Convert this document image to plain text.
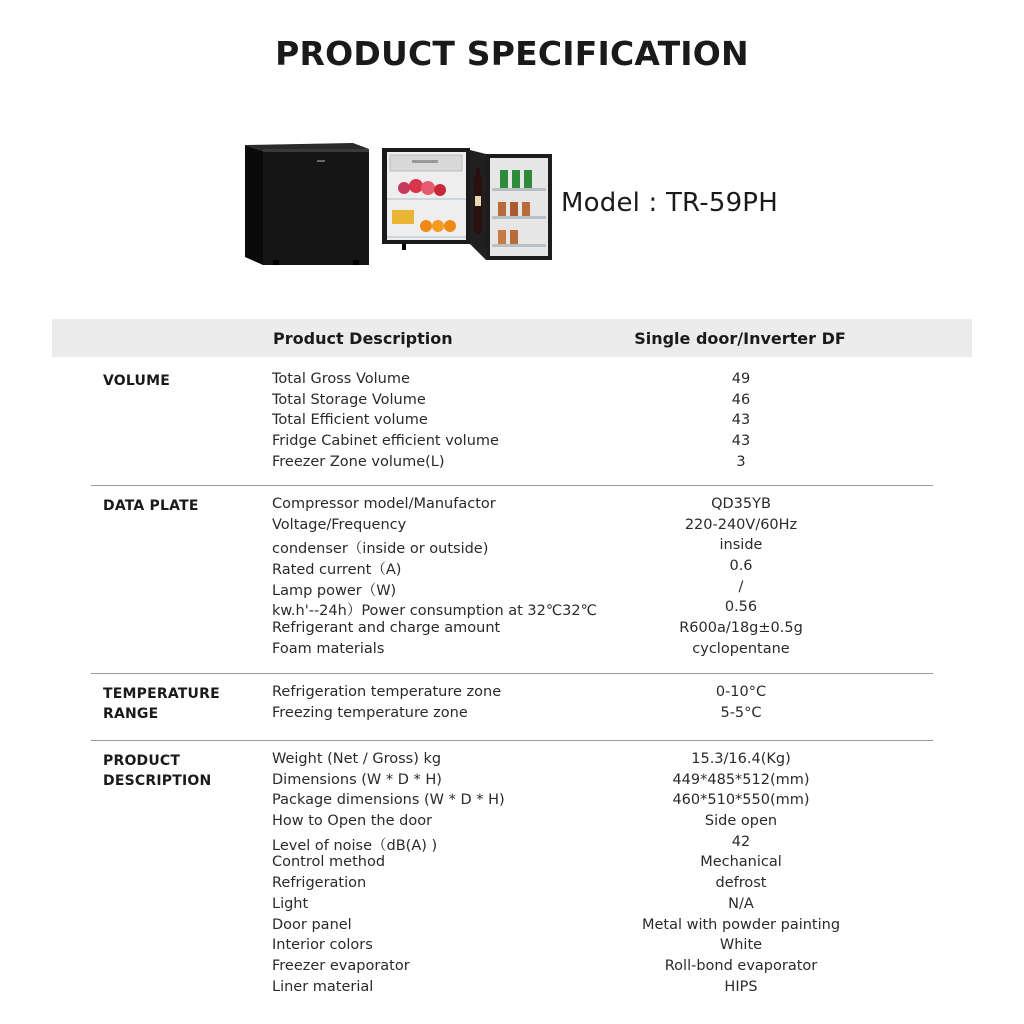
PRODUCT SPECIFICATION
Model : TR-59PH
Product Description	Single door/Inverter DF
VOLUME	Total Gross Volume	49
Total Storage Volume	46
Total Efficient volume	43
Fridge Cabinet efficient volume	43
Freezer Zone volume(L)	3
DATA PLATE	Compressor model/Manufactor	QD35YB
Voltage/Frequency	220-240V/60Hz
condenser（inside or outside)	inside
Rated current（A)	0.6
Lamp power（W)	/
kw.h'--24h）Power consumption at 32℃32℃	0.56
Refrigerant and charge amount	R600a/18g±0.5g
Foam materials	cyclopentane
TEMPERATURE
RANGE
Refrigeration temperature zone	0-10°C
Freezing temperature zone	5-5°C
PRODUCT
DESCRIPTION
Weight (Net / Gross) kg	15.3/16.4(Kg)
Dimensions (W * D * H)	449*485*512(mm)
Package dimensions (W * D * H)	460*510*550(mm)
How to Open the door	Side open
Level of noise（dB(A) )	42
Control method	Mechanical
Refrigeration	defrost
Light	N/A
Door panel	Metal with powder painting
Interior colors	White
Freezer evaporator	Roll-bond evaporator
Liner material	HIPS
